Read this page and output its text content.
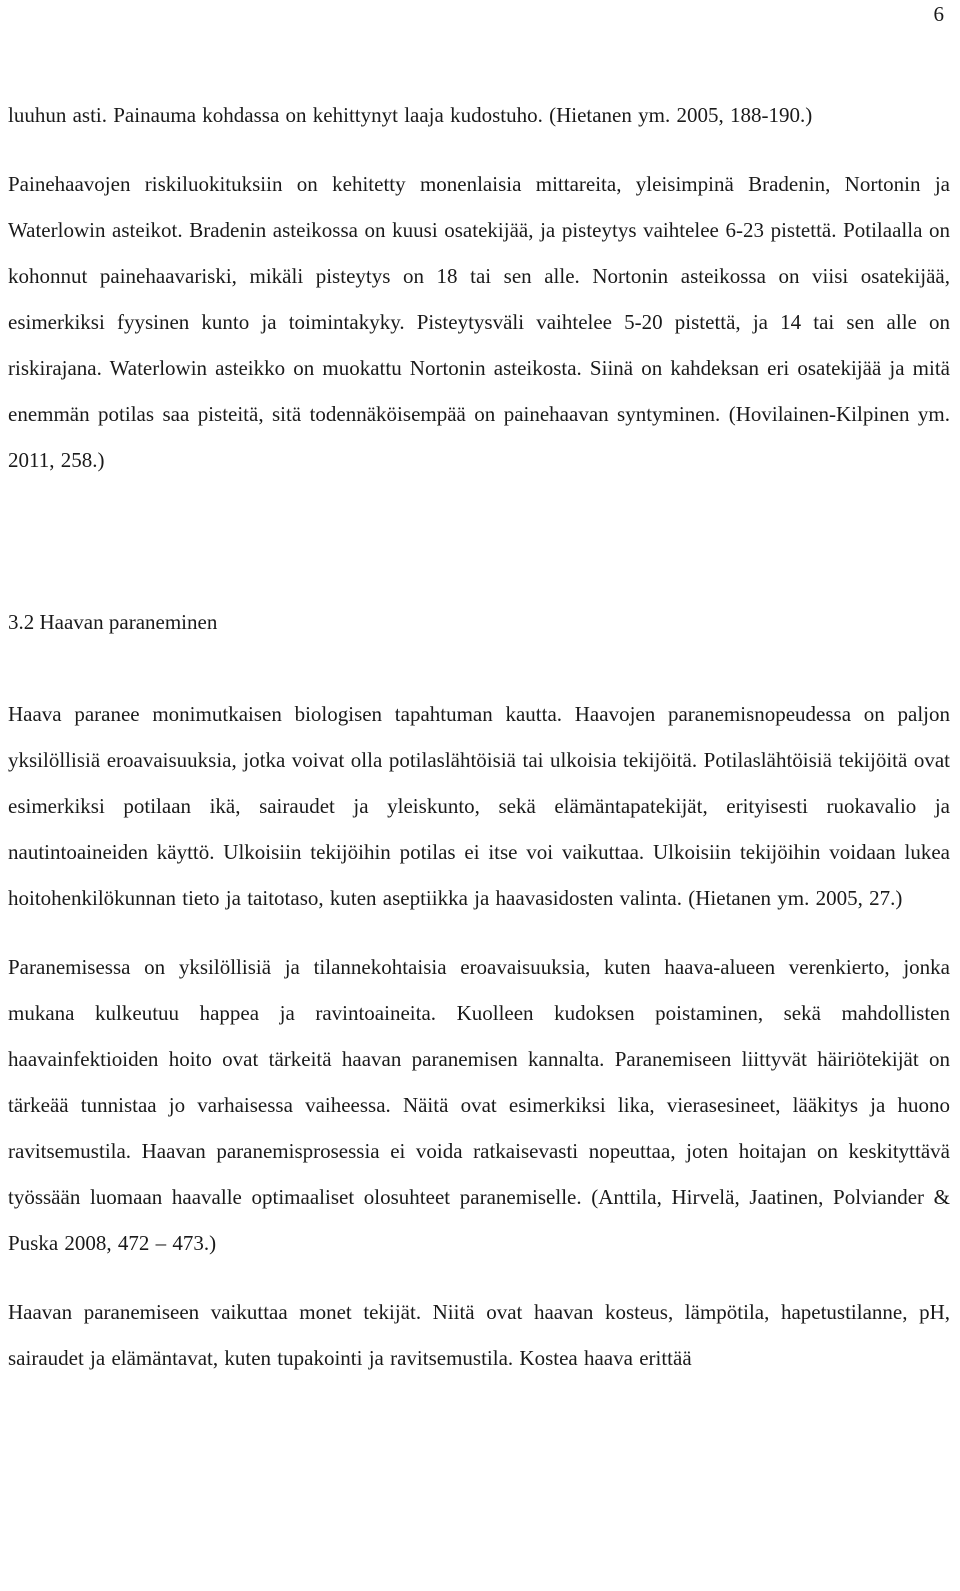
6

luuhun asti. Painauma kohdassa on kehittynyt laaja kudostuho. (Hietanen ym. 2005, 188-190.)

Painehaavojen riskiluokituksiin on kehitetty monenlaisia mittareita, yleisimpinä Bradenin, Nortonin ja Waterlowin asteikot. Bradenin asteikossa on kuusi osatekijää, ja pisteytys vaihtelee 6-23 pistettä. Potilaalla on kohonnut painehaavariski, mikäli pisteytys on 18 tai sen alle. Nortonin asteikossa on viisi osatekijää, esimerkiksi fyysinen kunto ja toimintakyky. Pisteytysväli vaihtelee 5-20 pistettä, ja 14 tai sen alle on riskirajana. Waterlowin asteikko on muokattu Nortonin asteikosta. Siinä on kahdeksan eri osatekijää ja mitä enemmän potilas saa pisteitä, sitä todennäköisempää on painehaavan syntyminen. (Hovilainen-Kilpinen ym. 2011, 258.)

3.2 Haavan paraneminen

Haava paranee monimutkaisen biologisen tapahtuman kautta. Haavojen paranemisnopeudessa on paljon yksilöllisiä eroavaisuuksia, jotka voivat olla potilaslähtöisiä tai ulkoisia tekijöitä. Potilaslähtöisiä tekijöitä ovat esimerkiksi potilaan ikä, sairaudet ja yleiskunto, sekä elämäntapatekijät, erityisesti ruokavalio ja nautintoaineiden käyttö. Ulkoisiin tekijöihin potilas ei itse voi vaikuttaa. Ulkoisiin tekijöihin voidaan lukea hoitohenkilökunnan tieto ja taitotaso, kuten aseptiikka ja haavasidosten valinta. (Hietanen ym. 2005, 27.)

Paranemisessa on yksilöllisiä ja tilannekohtaisia eroavaisuuksia, kuten haava-alueen verenkierto, jonka mukana kulkeutuu happea ja ravintoaineita. Kuolleen kudoksen poistaminen, sekä mahdollisten haavainfektioiden hoito ovat tärkeitä haavan paranemisen kannalta. Paranemiseen liittyvät häiriötekijät on tärkeää tunnistaa jo varhaisessa vaiheessa. Näitä ovat esimerkiksi lika, vierasesineet, lääkitys ja huono ravitsemustila. Haavan paranemisprosessia ei voida ratkaisevasti nopeuttaa, joten hoitajan on keskityttävä työssään luomaan haavalle optimaaliset olosuhteet paranemiselle. (Anttila, Hirvelä, Jaatinen, Polviander & Puska 2008, 472 – 473.)

Haavan paranemiseen vaikuttaa monet tekijät. Niitä ovat haavan kosteus, lämpötila, hapetustilanne, pH, sairaudet ja elämäntavat, kuten tupakointi ja ravitsemustila. Kostea haava erittää
